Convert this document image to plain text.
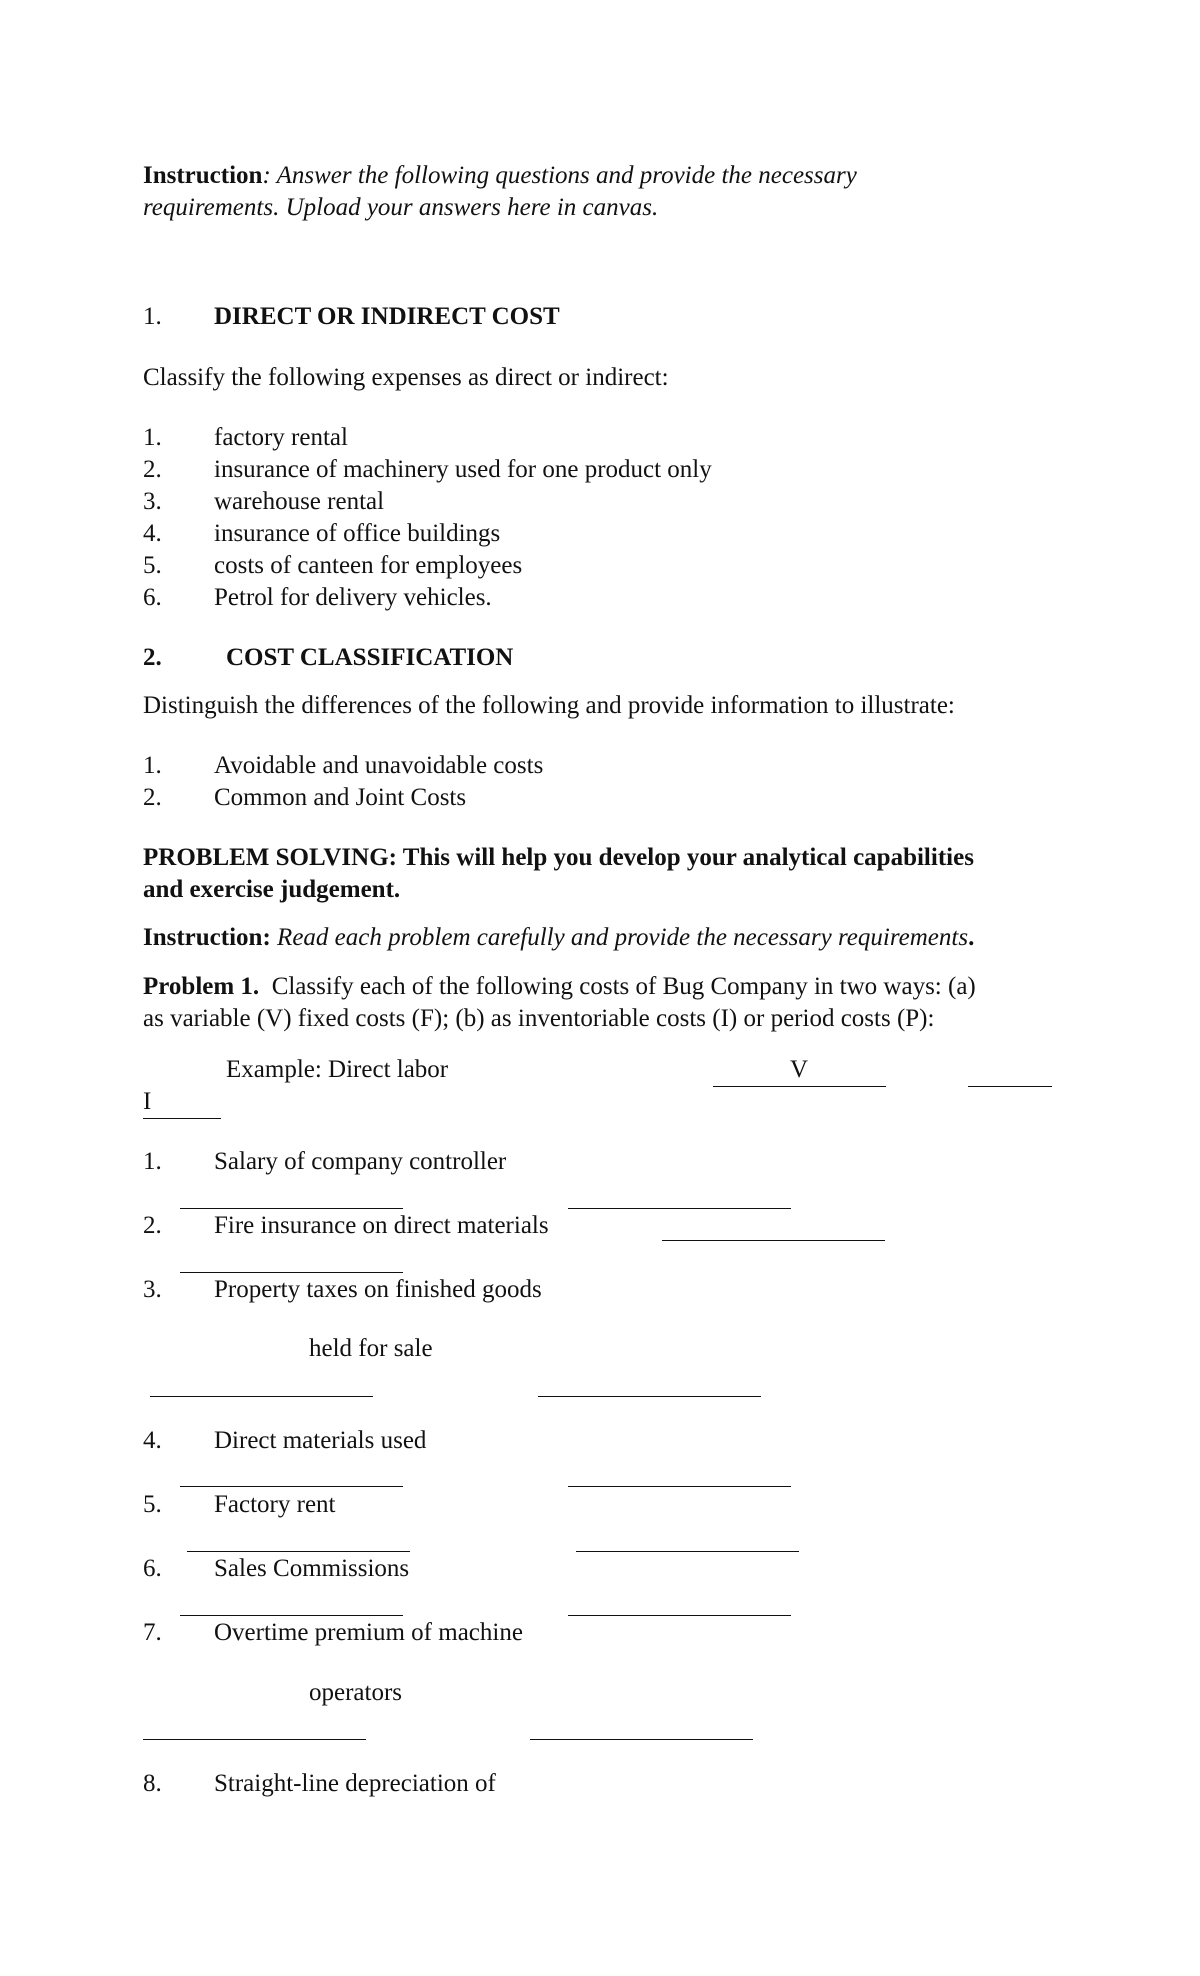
Instruction: Answer the following questions and provide the necessary
requirements. Upload your answers here in canvas.
1. DIRECT OR INDIRECT COST
Classify the following expenses as direct or indirect:
1. factory rental
2. insurance of machinery used for one product only
3. warehouse rental
4. insurance of office buildings
5. costs of canteen for employees
6. Petrol for delivery vehicles.
2.	COST CLASSIFICATION
Distinguish the differences of the following and provide information to illustrate:
1. Avoidable and unavoidable costs
2. Common and Joint Costs
PROBLEM SOLVING: This will help you develop your analytical capabilities
and exercise judgement.
Instruction: Read each problem carefully and provide the necessary requirements.
Problem 1. Classify each of the following costs of Bug Company in two ways: (a)
as variable (V) fixed costs (F); (b) as inventoriable costs (I) or period costs (P):
Example: Direct labor	V
I
1. Salary of company controller
2. Fire insurance on direct materials
3. Property taxes on finished goods
held for sale
4. Direct materials used
5. Factory rent
6. Sales Commissions
7. Overtime premium of machine
operators
8. Straight-line depreciation of
